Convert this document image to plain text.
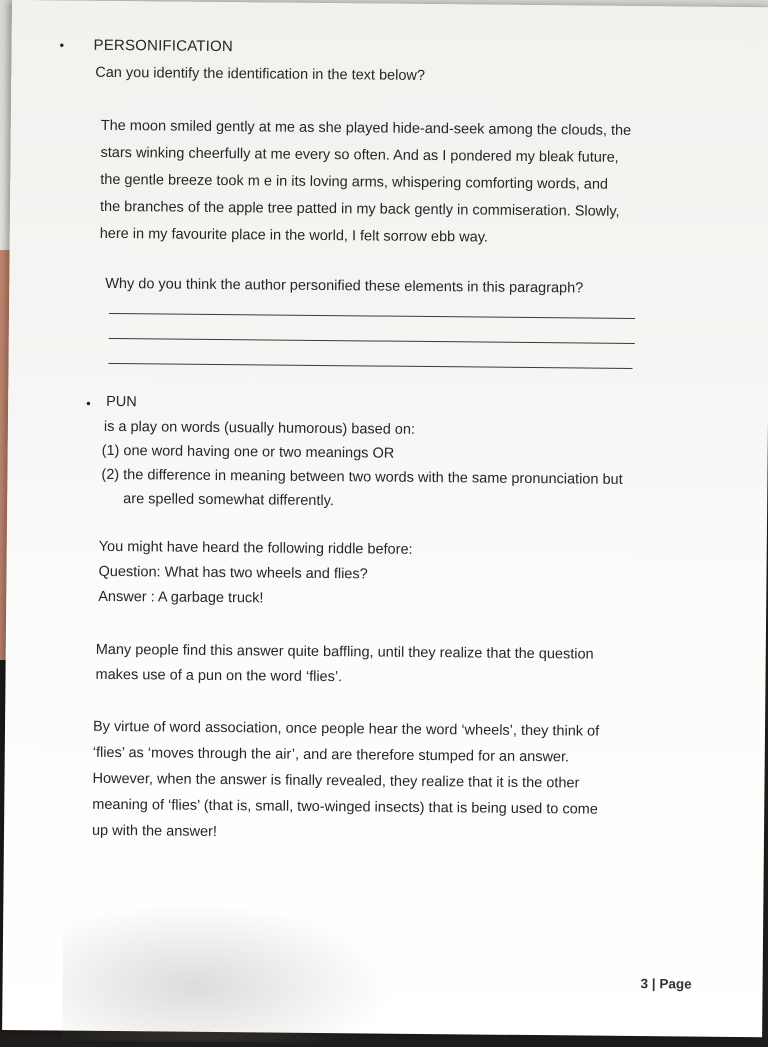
• PERSONIFICATION
Can you identify the identification in the text below?
The moon smiled gently at me as she played hide-and-seek among the clouds, the
stars winking cheerfully at me every so often. And as I pondered my bleak future,
the gentle breeze took m e in its loving arms, whispering comforting words, and
the branches of the apple tree patted in my back gently in commiseration. Slowly,
here in my favourite place in the world, I felt sorrow ebb way.
Why do you think the author personified these elements in this paragraph?
• PUN
is a play on words (usually humorous) based on:
(1) one word having one or two meanings OR
(2) the difference in meaning between two words with the same pronunciation but
are spelled somewhat differently.
You might have heard the following riddle before:
Question: What has two wheels and flies?
Answer : A garbage truck!
Many people find this answer quite baffling, until they realize that the question
makes use of a pun on the word ‘flies’.
By virtue of word association, once people hear the word ‘wheels’, they think of
‘flies’ as ‘moves through the air’, and are therefore stumped for an answer.
However, when the answer is finally revealed, they realize that it is the other
meaning of ‘flies’ (that is, small, two-winged insects) that is being used to come
up with the answer!
3 | Page
